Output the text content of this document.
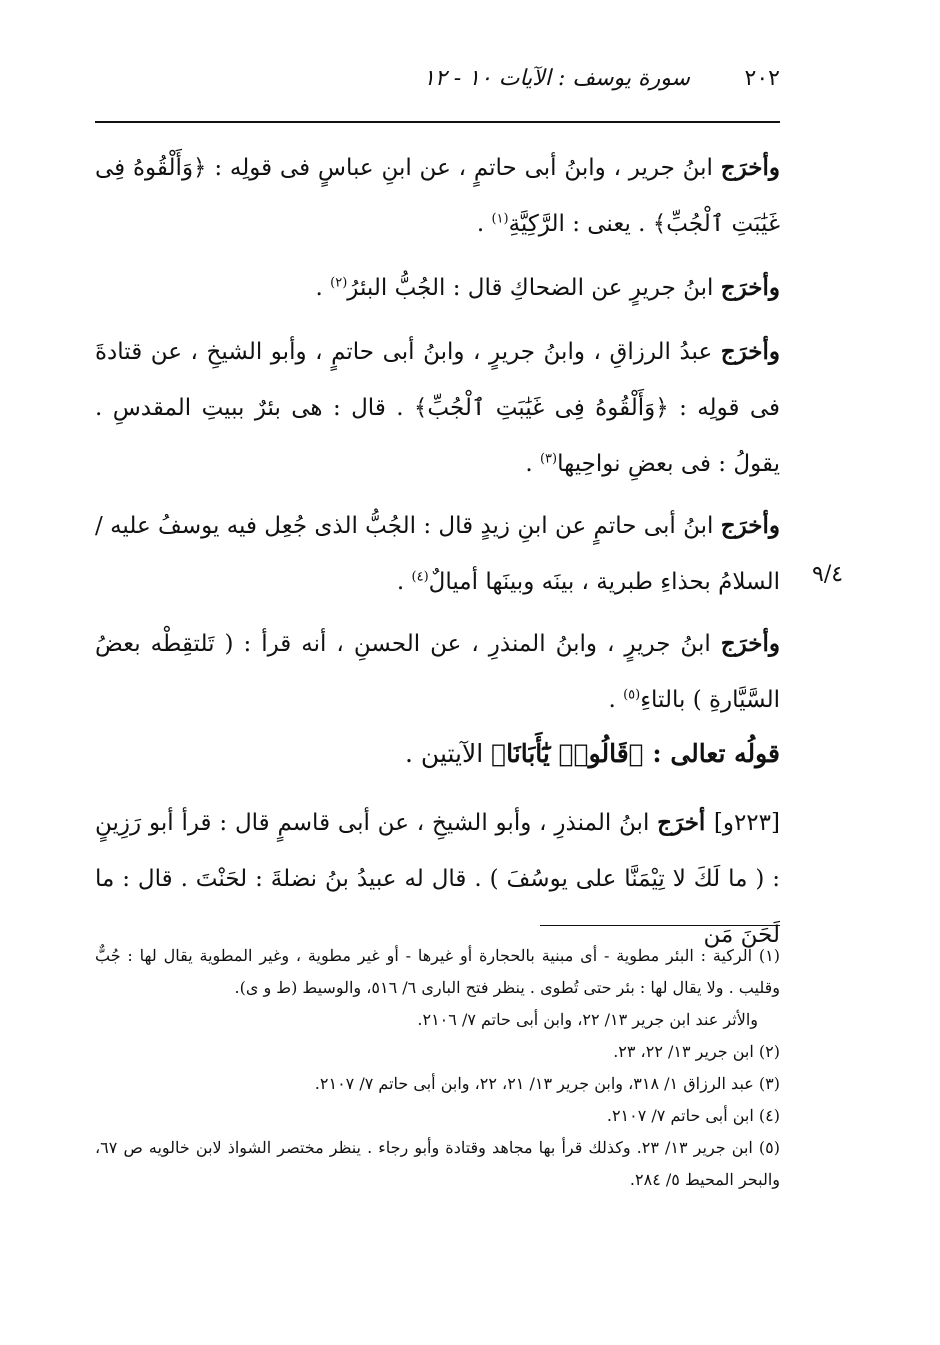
٢٠٢
سورة يوسف : الآيات ١٠ - ١٢
وأخرَج ابنُ جرير ، وابنُ أبى حاتمٍ ، عن ابنِ عباسٍ فى قولِه : ﴿وَأَلْقُوهُ فِى غَيَٰبَتِ ٱلْجُبِّ﴾ . يعنى : الرَّكِيَّةِ$^{(١)}$ .
وأخرَج ابنُ جريرٍ عن الضحاكِ قال : الجُبُّ البئرُ$^{(٢)}$ .
وأخرَج عبدُ الرزاقِ ، وابنُ جريرٍ ، وابنُ أبى حاتمٍ ، وأبو الشيخِ ، عن قتادةَ فى قولِه : ﴿وَأَلْقُوهُ فِى غَيَٰبَتِ ٱلْجُبِّ﴾ . قال : هى بئرٌ ببيتِ المقدسِ . يقولُ : فى بعضِ نواحِيها$^{(٣)}$ .
وأخرَج ابنُ أبى حاتمٍ عن ابنِ زيدٍ قال : الجُبُّ الذى جُعِل فيه يوسفُ عليه /السلامُ بحذاءِ طبرية ، بينَه وبينَها أميالٌ$^{(٤)}$ .
وأخرَج ابنُ جريرٍ ، وابنُ المنذرِ ، عن الحسنِ ، أنه قرأ : ( تَلتقِطْه بعضُ السَّيَّارةِ ) بالتاءِ$^{(٥)}$ .
٩/٤
قولُه تعالى : ﴿قَالُوا۟ يَٰٓأَبَانَا﴾ الآيتين .
[٢٢٣و] أخرَج ابنُ المنذرِ ، وأبو الشيخِ ، عن أبى قاسمٍ قال : قرأ أبو رَزِينٍ : ( ما لَكَ لا تِيْمَنَّا على يوسُفَ ) . قال له عبيدُ بنُ نضلةَ : لحَنْتَ . قال : ما لَحَنَ مَن
(١) الركية : البئر مطوية - أى مبنية بالحجارة أو غيرها - أو غير مطوية ، وغير المطوية يقال لها : جُبٌّ وقليب . ولا يقال لها : بئر حتى تُطوى . ينظر فتح البارى ٦/ ٥١٦، والوسيط (ط و ى).
والأثر عند ابن جرير ١٣/ ٢٢، وابن أبى حاتم ٧/ ٢١٠٦.
(٢) ابن جرير ١٣/ ٢٢، ٢٣.
(٣) عبد الرزاق ١/ ٣١٨، وابن جرير ١٣/ ٢١، ٢٢، وابن أبى حاتم ٧/ ٢١٠٧.
(٤) ابن أبى حاتم ٧/ ٢١٠٧.
(٥) ابن جرير ١٣/ ٢٣. وكذلك قرأ بها مجاهد وقتادة وأبو رجاء . ينظر مختصر الشواذ لابن خالويه ص ٦٧، والبحر المحيط ٥/ ٢٨٤.
